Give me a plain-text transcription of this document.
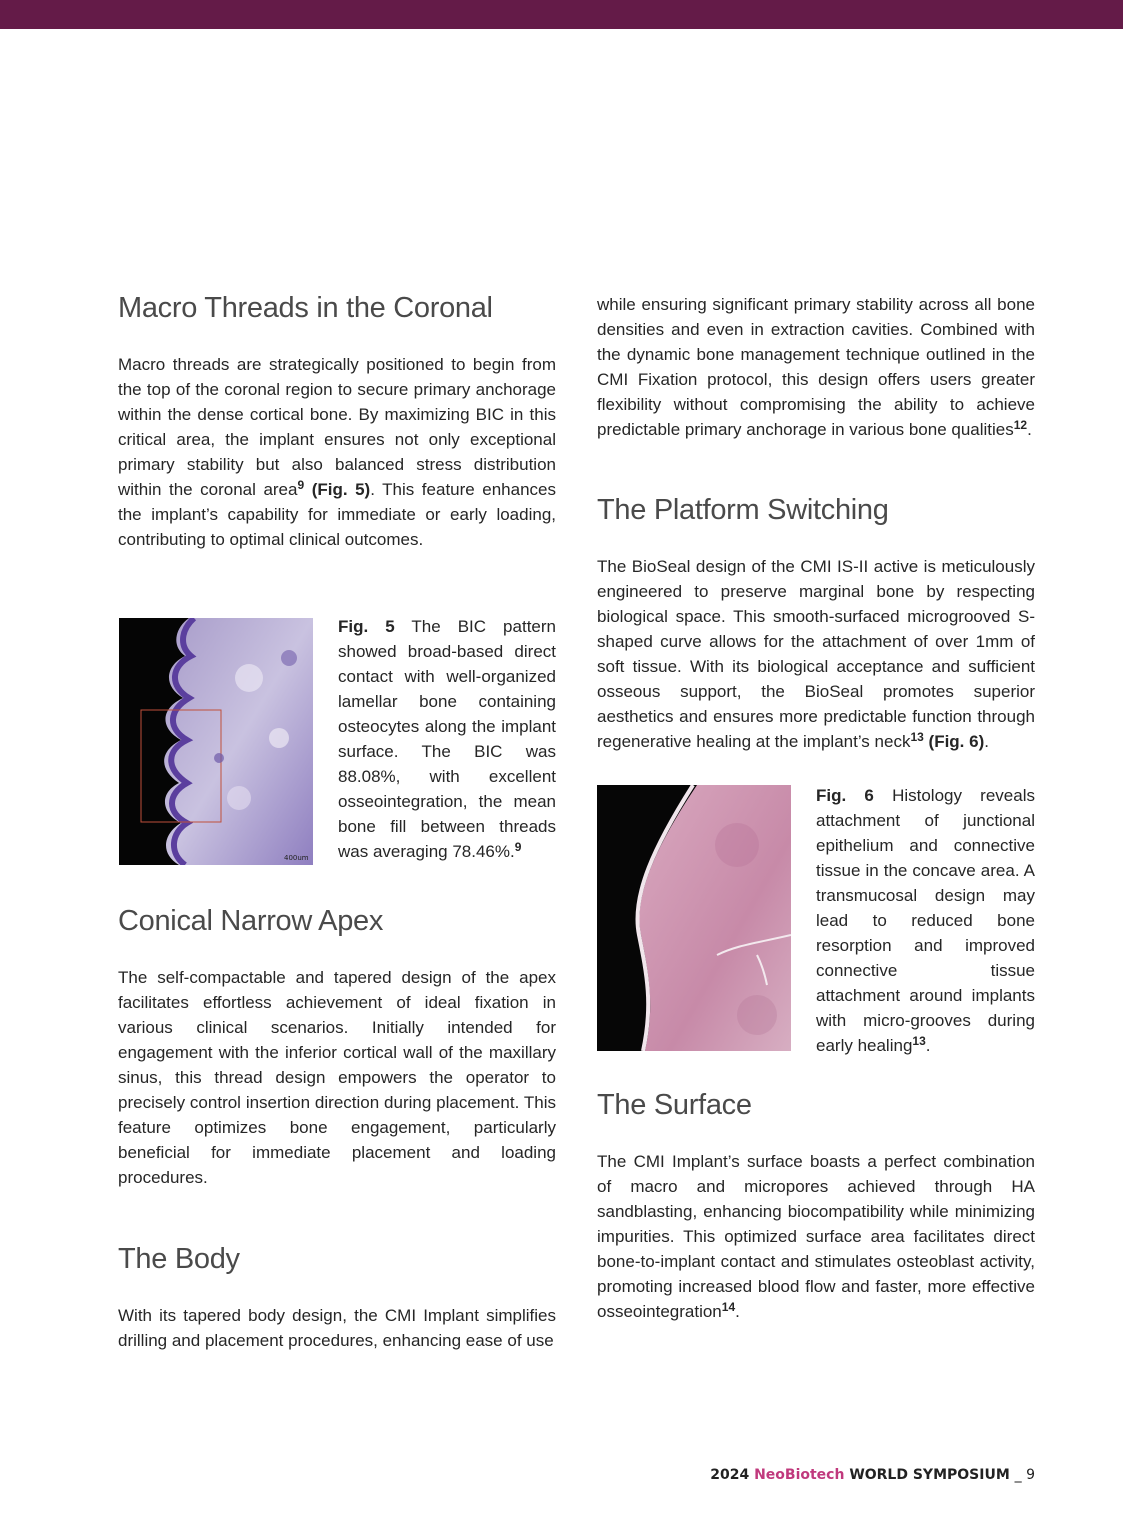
Macro Threads in the Coronal

Macro threads are strategically positioned to begin from the top of the coronal region to secure primary anchorage within the dense cortical bone. By maximizing BIC in this critical area, the implant ensures not only exceptional primary stability but also balanced stress distribution within the coronal area$^9$ (Fig. 5). This feature enhances the implant’s capability for immediate or early loading, contributing to optimal clinical outcomes.

400um

Fig. 5 The BIC pattern showed broad-based direct contact with well-organized lamellar bone containing osteocytes along the implant surface. The BIC was 88.08%, with excellent osseointegration, the mean bone fill between threads was averaging 78.46%.$^9$

Conical Narrow Apex

The self-compactable and tapered design of the apex facilitates effortless achievement of ideal fixation in various clinical scenarios. Initially intended for engagement with the inferior cortical wall of the maxillary sinus, this thread design empowers the operator to precisely control insertion direction during placement. This feature optimizes bone engagement, particularly beneficial for immediate placement and loading procedures.

The Body

With its tapered body design, the CMI Implant simplifies drilling and placement procedures, enhancing ease of use

while ensuring significant primary stability across all bone densities and even in extraction cavities. Combined with the dynamic bone management technique outlined in the CMI Fixation protocol, this design offers users greater flexibility without compromising the ability to achieve predictable primary anchorage in various bone qualities$^{12}$.

The Platform Switching

The BioSeal design of the CMI IS-II active is meticulously engineered to preserve marginal bone by respecting biological space. This smooth-surfaced microgrooved S-shaped curve allows for the attachment of over 1mm of soft tissue. With its biological acceptance and sufficient osseous support, the BioSeal promotes superior aesthetics and ensures more predictable function through regenerative healing at the implant’s neck$^{13}$ (Fig. 6).

Fig. 6 Histology reveals attachment of junctional epithelium and connective tissue in the concave area. A transmucosal design may lead to reduced bone resorption and improved connective tissue attachment around implants with micro-grooves during early healing$^{13}$.

The Surface

The CMI Implant’s surface boasts a perfect combination of macro and micropores achieved through HA sandblasting, enhancing biocompatibility while minimizing impurities. This optimized surface area facilitates direct bone-to-implant contact and stimulates osteoblast activity, promoting increased blood flow and faster, more effective osseointegration$^{14}$.

2024 NeoBiotech WORLD SYMPOSIUM _ 9
